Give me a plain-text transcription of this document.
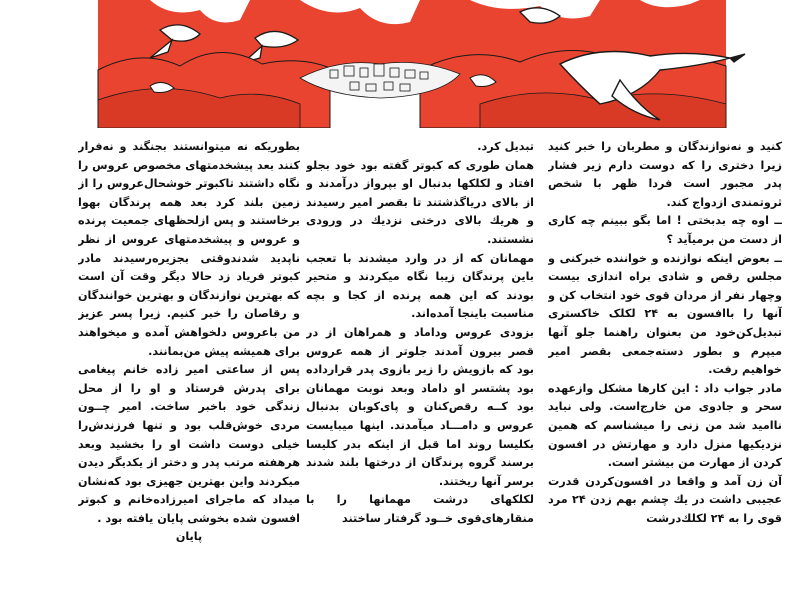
کنید و نه‌نوازندگان و مطربان را خبر کنید زیرا دختری را که دوست دارم زیر فشار پدر مجبور است فردا ظهر با شخص ثروتمندی ازدواج کند.

ــ اوه چه بدبختی ! اما بگو ببینم چه کاری از دست من برمیآید ؟

ــ بعوض اینکه نوازنده و خواننده خبرکنی و مجلس رقص و شادی براه اندازی بیست وچهار نفر از مردان قوی خود انتخاب کن و آنها را باافسون به ۲۴ لکلک خاکستری تبدیل‌کن‌خود من بعنوان راهنما جلو آنها میپرم و بطور دسته‌جمعی بقصر امیر خواهیم رفت.

مادر جواب داد : این کارها مشکل وازعهده سحر و جادوی من خارج‌است. ولی نباید ناامید شد من زنی را میشناسم که همین نزدیکیها منزل دارد و مهارتش در افسون کردن از مهارت من بیشتر است.

آن زن آمد و واقعا در افسون‌کردن قدرت عجیبی داشت در یك چشم بهم زدن ۲۴ مرد قوی را به ۲۴ لکلك‌درشت

تبدیل کرد.

همان طوری که کبوتر گفته بود خود بجلو افتاد و لکلکها بدنبال او بپرواز درآمدند و از بالای دریاگذشتند تا بقصر امیر رسیدند و هریك بالای درختی نزدیك در ورودی نشستند.

مهمانان که از در وارد میشدند با تعجب باین پرندگان زیبا نگاه میکردند و متحیر بودند که این همه پرنده از کجا و بچه مناسبت باینجا آمده‌اند.

بزودی عروس وداماد و همراهان از در قصر بیرون آمدند جلوتر از همه عروس بود که بازویش را زیر بازوی پدر قرارداده بود پشتسر او داماد وبعد نوبت مهمانان بود کــه رقص‌کنان و پای‌کوبان بدنبال عروس و دامـــاد میآمدند. اینها میبایست بکلیسا روند اما قبل از اینکه بدر کلیسا برسند گروه پرندگان از درختها بلند شدند برسر آنها ریختند.

لکلکهای درشت مهمانها را با منقارهای‌قوی خــود گرفتار ساختند

بطوریکه نه میتوانستند بجنگند و نه‌فرار کنند بعد پیشخدمتهای مخصوص عروس را نگاه داشتند تاکبوتر خوشحال‌عروس را از زمین بلند کرد بعد همه پرندگان بهوا برخاستند و پس ازلحظهای جمعیت پرنده و عروس و پیشخدمتهای عروس از نظر ناپدید شدندوقتی بجزیره‌رسیدند مادر کبوتر فریاد زد حالا دیگر وقت آن است که بهترین نوازندگان و بهترین خوانندگان و رقاصان را خبر کنیم. زیرا پسر عزیز من باعروس دلخواهش آمده و میخواهند برای همیشه پیش من‌بمانند.

پس از ساعتی امیر زاده خانم پیغامی برای پدرش فرستاد و او را از محل زندگی خود باخبر ساخت. امیر چــون مردی خوش‌قلب بود و تنها فرزندش‌را خیلی دوست داشت او را بخشید وبعد هرهفته مرتب پدر و دختر از یکدیگر دیدن میکردند واین بهترین جهیزی بود که‌نشان میداد که ماجرای امیرزاده‌خانم و کبوتر افسون شده بخوشی پایان یافته بود .

پایان
